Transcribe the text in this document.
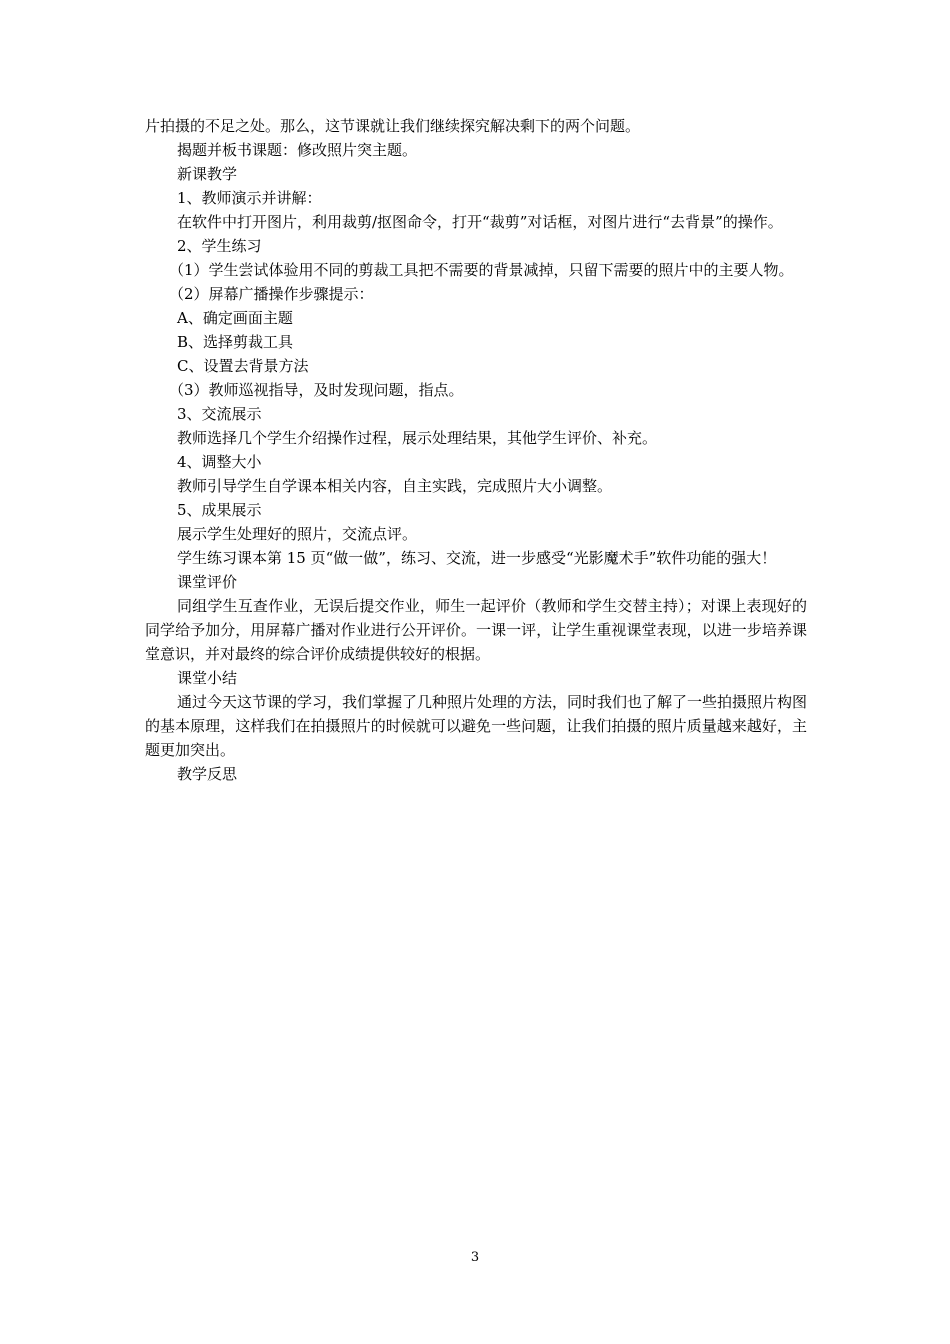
片拍摄的不足之处。那么，这节课就让我们继续探究解决剩下的两个问题。

揭题并板书课题：修改照片突主题。

新课教学

1、教师演示并讲解：

在软件中打开图片，利用裁剪/抠图命令，打开“裁剪”对话框，对图片进行“去背景”的操作。

2、学生练习

（1）学生尝试体验用不同的剪裁工具把不需要的背景减掉，只留下需要的照片中的主要人物。

（2）屏幕广播操作步骤提示：

A、确定画面主题

B、选择剪裁工具

C、设置去背景方法

（3）教师巡视指导，及时发现问题，指点。

3、交流展示

教师选择几个学生介绍操作过程，展示处理结果，其他学生评价、补充。

4、调整大小

教师引导学生自学课本相关内容，自主实践，完成照片大小调整。

5、成果展示

展示学生处理好的照片，交流点评。

学生练习课本第 15 页“做一做”，练习、交流，进一步感受“光影魔术手”软件功能的强大！

课堂评价

同组学生互查作业，无误后提交作业，师生一起评价（教师和学生交替主持）；对课上表现好的同学给予加分，用屏幕广播对作业进行公开评价。一课一评，让学生重视课堂表现，以进一步培养课堂意识，并对最终的综合评价成绩提供较好的根据。

课堂小结

通过今天这节课的学习，我们掌握了几种照片处理的方法，同时我们也了解了一些拍摄照片构图的基本原理，这样我们在拍摄照片的时候就可以避免一些问题，让我们拍摄的照片质量越来越好，主题更加突出。

教学反思

3
